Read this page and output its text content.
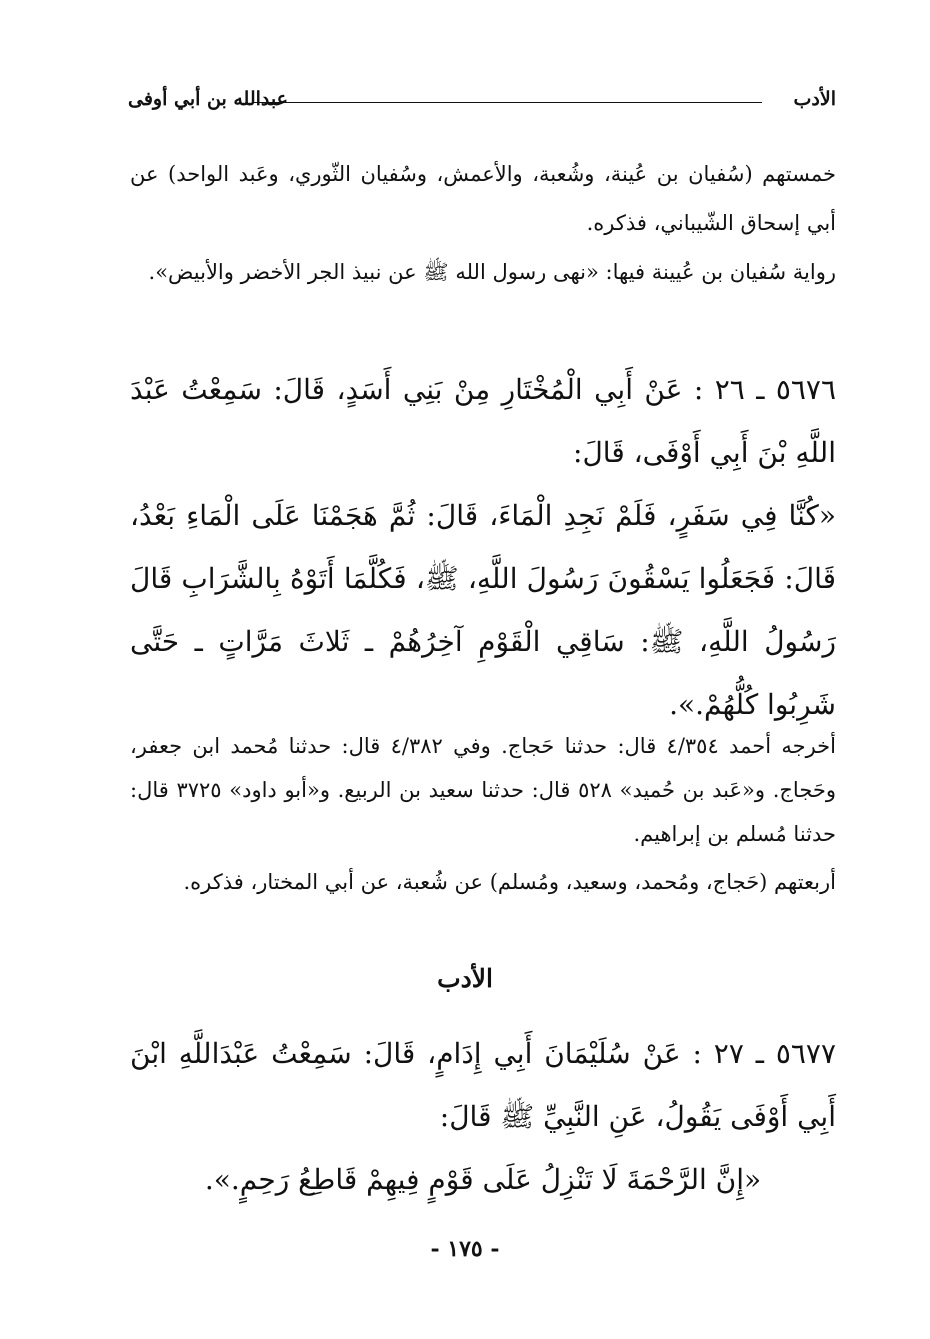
الأدب
عبدالله بن أبي أوفى
خمستهم (سُفيان بن عُينة، وشُعبة، والأعمش، وسُفيان الثّوري، وعَبد الواحد) عن أبي إسحاق الشّيباني، فذكره.
رواية سُفيان بن عُيينة فيها: «نهى رسول الله ﷺ عن نبيذ الجر الأخضر والأبيض».
٥٦٧٦ ـ ٢٦ : عَنْ أَبِي الْمُخْتَارِ مِنْ بَنِي أَسَدٍ، قَالَ: سَمِعْتُ عَبْدَ اللَّهِ بْنَ أَبِي أَوْفَى، قَالَ:
«كُنَّا فِي سَفَرٍ، فَلَمْ نَجِدِ الْمَاءَ، قَالَ: ثُمَّ هَجَمْنَا عَلَى الْمَاءِ بَعْدُ، قَالَ: فَجَعَلُوا يَسْقُونَ رَسُولَ اللَّهِ، ﷺ، فَكُلَّمَا أَتَوْهُ بِالشَّرَابِ قَالَ رَسُولُ اللَّهِ، ﷺ: سَاقِي الْقَوْمِ آخِرُهُمْ ـ ثَلاثَ مَرَّاتٍ ـ حَتَّى شَرِبُوا كُلُّهُمْ.».
أخرجه أحمد ٤/٣٥٤ قال: حدثنا حَجاج. وفي ٤/٣٨٢ قال: حدثنا مُحمد ابن جعفر، وحَجاج. و«عَبد بن حُميد» ٥٢٨ قال: حدثنا سعيد بن الربيع. و«أبو داود» ٣٧٢٥ قال: حدثنا مُسلم بن إبراهيم.
أربعتهم (حَجاج، ومُحمد، وسعيد، ومُسلم) عن شُعبة، عن أبي المختار، فذكره.
الأدب
٥٦٧٧ ـ ٢٧ : عَنْ سُلَيْمَانَ أَبِي إِدَامٍ، قَالَ: سَمِعْتُ عَبْدَاللَّهِ ابْنَ أَبِي أَوْفَى يَقُولُ، عَنِ النَّبِيِّ ﷺ قَالَ:
«إِنَّ الرَّحْمَةَ لَا تَنْزِلُ عَلَى قَوْمٍ فِيهِمْ قَاطِعُ رَحِمٍ.».
- ١٧٥ -
